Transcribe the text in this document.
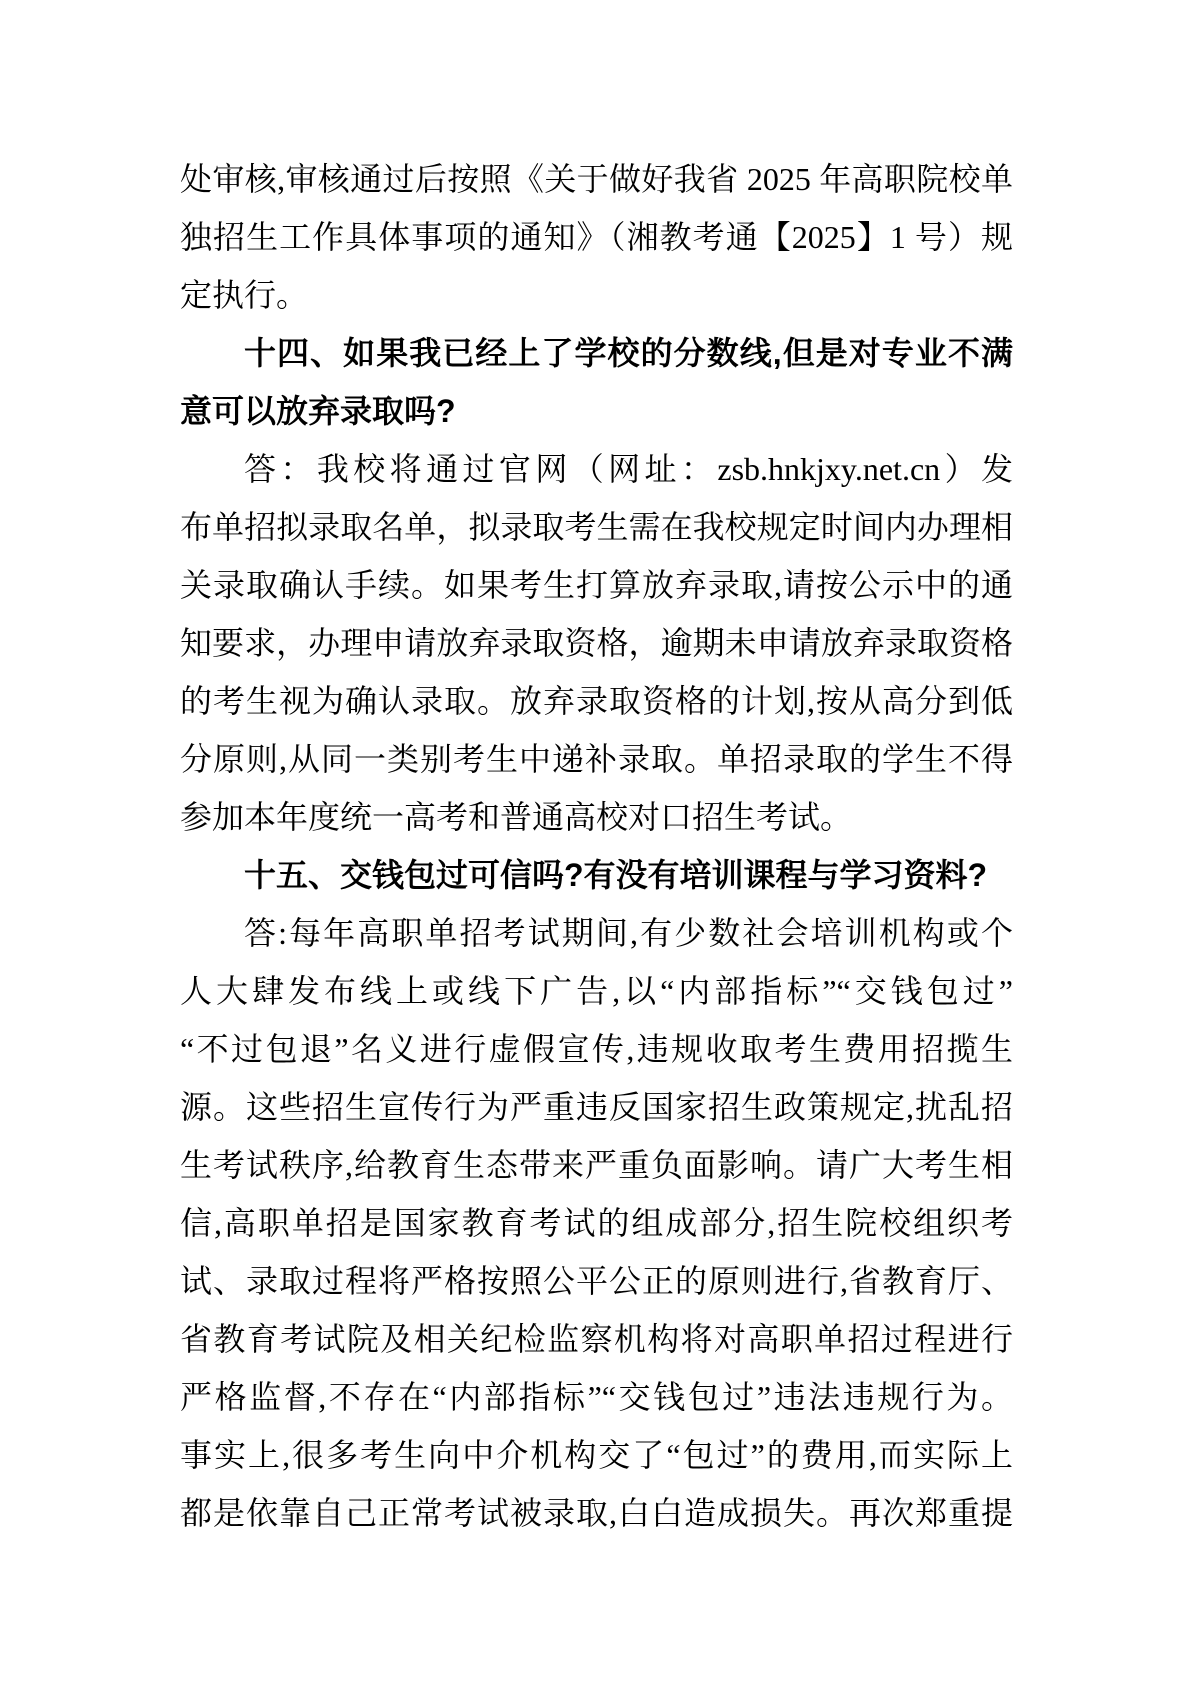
处审核,审核通过后按照《关于做好我省 2025 年高职院校单
独招生工作具体事项的通知》（湘教考通【2025】1 号）规
定执行。
十四、如果我已经上了学校的分数线,但是对专业不满
意可以放弃录取吗?
答：我校将通过官网（网址：zsb.hnkjxy.net.cn）发
布单招拟录取名单，拟录取考生需在我校规定时间内办理相
关录取确认手续。如果考生打算放弃录取,请按公示中的通
知要求，办理申请放弃录取资格，逾期未申请放弃录取资格
的考生视为确认录取。放弃录取资格的计划,按从高分到低
分原则,从同一类别考生中递补录取。单招录取的学生不得
参加本年度统一高考和普通高校对口招生考试。
十五、交钱包过可信吗?有没有培训课程与学习资料?
答:每年高职单招考试期间,有少数社会培训机构或个
人大肆发布线上或线下广告,以“内部指标”“交钱包过”
“不过包退”名义进行虚假宣传,违规收取考生费用招揽生
源。这些招生宣传行为严重违反国家招生政策规定,扰乱招
生考试秩序,给教育生态带来严重负面影响。请广大考生相
信,高职单招是国家教育考试的组成部分,招生院校组织考
试、录取过程将严格按照公平公正的原则进行,省教育厅、
省教育考试院及相关纪检监察机构将对高职单招过程进行
严格监督,不存在“内部指标”“交钱包过”违法违规行为。
事实上,很多考生向中介机构交了“包过”的费用,而实际上
都是依靠自己正常考试被录取,白白造成损失。再次郑重提
